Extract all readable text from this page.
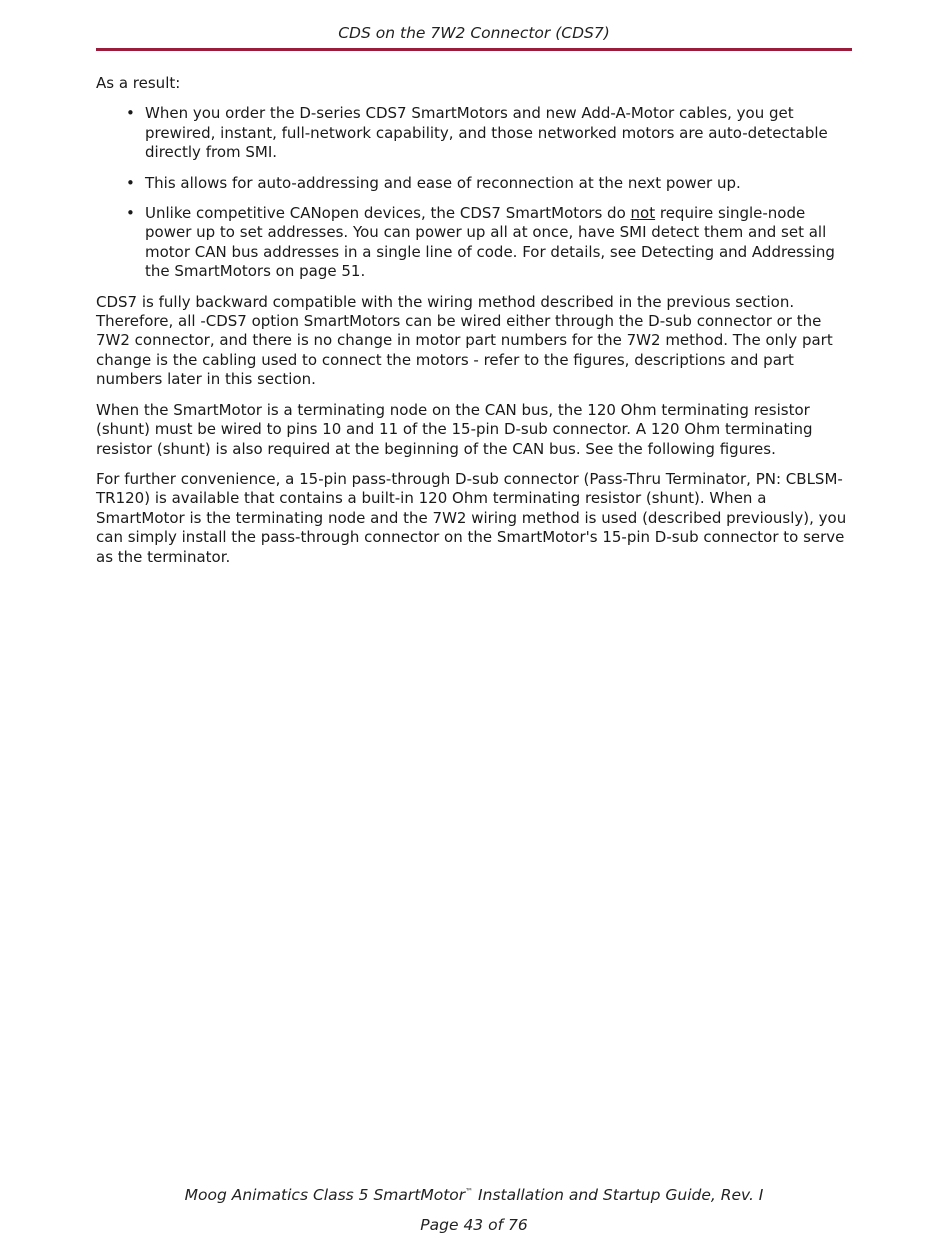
CDS on the 7W2 Connector (CDS7)

As a result:

• When you order the D-series CDS7 SmartMotors and new Add-A-Motor cables, you get prewired, instant, full-network capability, and those networked motors are auto-detectable directly from SMI.
• This allows for auto-addressing and ease of reconnection at the next power up.
• Unlike competitive CANopen devices, the CDS7 SmartMotors do not require single-node power up to set addresses. You can power up all at once, have SMI detect them and set all motor CAN bus addresses in a single line of code. For details, see Detecting and Addressing the SmartMotors on page 51.

CDS7 is fully backward compatible with the wiring method described in the previous section. Therefore, all -CDS7 option SmartMotors can be wired either through the D-sub connector or the 7W2 connector, and there is no change in motor part numbers for the 7W2 method. The only part change is the cabling used to connect the motors - refer to the figures, descriptions and part numbers later in this section.

When the SmartMotor is a terminating node on the CAN bus, the 120 Ohm terminating resistor (shunt) must be wired to pins 10 and 11 of the 15-pin D-sub connector. A 120 Ohm terminating resistor (shunt) is also required at the beginning of the CAN bus. See the following figures.

For further convenience, a 15-pin pass-through D-sub connector (Pass-Thru Terminator, PN: CBLSM-TR120) is available that contains a built-in 120 Ohm terminating resistor (shunt). When a SmartMotor is the terminating node and the 7W2 wiring method is used (described previously), you can simply install the pass-through connector on the SmartMotor's 15-pin D-sub connector to serve as the terminator.

Moog Animatics Class 5 SmartMotor™ Installation and Startup Guide, Rev. I
Page 43 of 76
